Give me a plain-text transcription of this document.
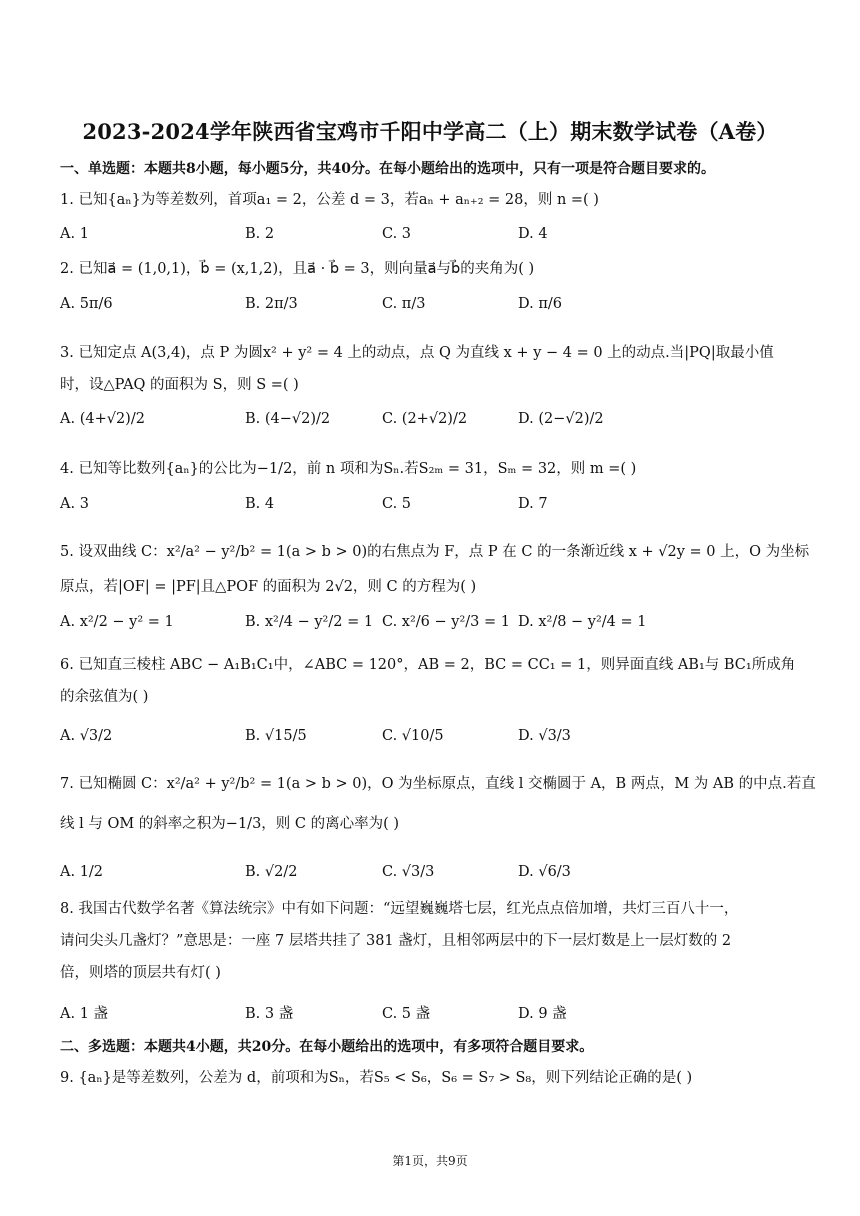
2023-2024学年陕西省宝鸡市千阳中学高二（上）期末数学试卷（A卷）
一、单选题：本题共8小题，每小题5分，共40分。在每小题给出的选项中，只有一项是符合题目要求的。
1. 已知{aₙ}为等差数列，首项a₁ = 2，公差 d = 3，若aₙ + aₙ₊₂ = 28，则 n =( )
A. 1	B. 2	C. 3	D. 4
2. 已知a⃗ = (1,0,1)，b⃗ = (x,1,2)，且a⃗ · b⃗ = 3，则向量a⃗与b⃗的夹角为( )
A. 5π/6	B. 2π/3	C. π/3	D. π/6
3. 已知定点 A(3,4)，点 P 为圆x² + y² = 4 上的动点，点 Q 为直线 x + y − 4 = 0 上的动点.当|PQ|取最小值
时，设△PAQ 的面积为 S，则 S =( )
A. (4+√2)/2	B. (4−√2)/2	C. (2+√2)/2	D. (2−√2)/2
4. 已知等比数列{aₙ}的公比为−1/2，前 n 项和为Sₙ.若S₂ₘ = 31，Sₘ = 32，则 m =( )
A. 3	B. 4	C. 5	D. 7
5. 设双曲线 C：x²/a² − y²/b² = 1(a > b > 0)的右焦点为 F，点 P 在 C 的一条渐近线 x + √2y = 0 上，O 为坐标
原点，若|OF| = |PF|且△POF 的面积为 2√2，则 C 的方程为( )
A. x²/2 − y² = 1	B. x²/4 − y²/2 = 1 C. x²/6 − y²/3 = 1 D. x²/8 − y²/4 = 1
6. 已知直三棱柱 ABC − A₁B₁C₁中，∠ABC = 120°，AB = 2，BC = CC₁ = 1，则异面直线 AB₁与 BC₁所成角
的余弦值为( )
A. √3/2	B. √15/5	C. √10/5	D. √3/3
7. 已知椭圆 C：x²/a² + y²/b² = 1(a > b > 0)，O 为坐标原点，直线 l 交椭圆于 A，B 两点，M 为 AB 的中点.若直
线 l 与 OM 的斜率之积为−1/3，则 C 的离心率为( )
A. 1/2	B. √2/2	C. √3/3	D. √6/3
8. 我国古代数学名著《算法统宗》中有如下问题：“远望巍巍塔七层，红光点点倍加增，共灯三百八十一，
请问尖头几盏灯？”意思是：一座 7 层塔共挂了 381 盏灯，且相邻两层中的下一层灯数是上一层灯数的 2
倍，则塔的顶层共有灯( )
A. 1 盏	B. 3 盏	C. 5 盏	D. 9 盏
二、多选题：本题共4小题，共20分。在每小题给出的选项中，有多项符合题目要求。
9. {aₙ}是等差数列，公差为 d，前项和为Sₙ，若S₅ < S₆，S₆ = S₇ > S₈，则下列结论正确的是( )
第1页，共9页
